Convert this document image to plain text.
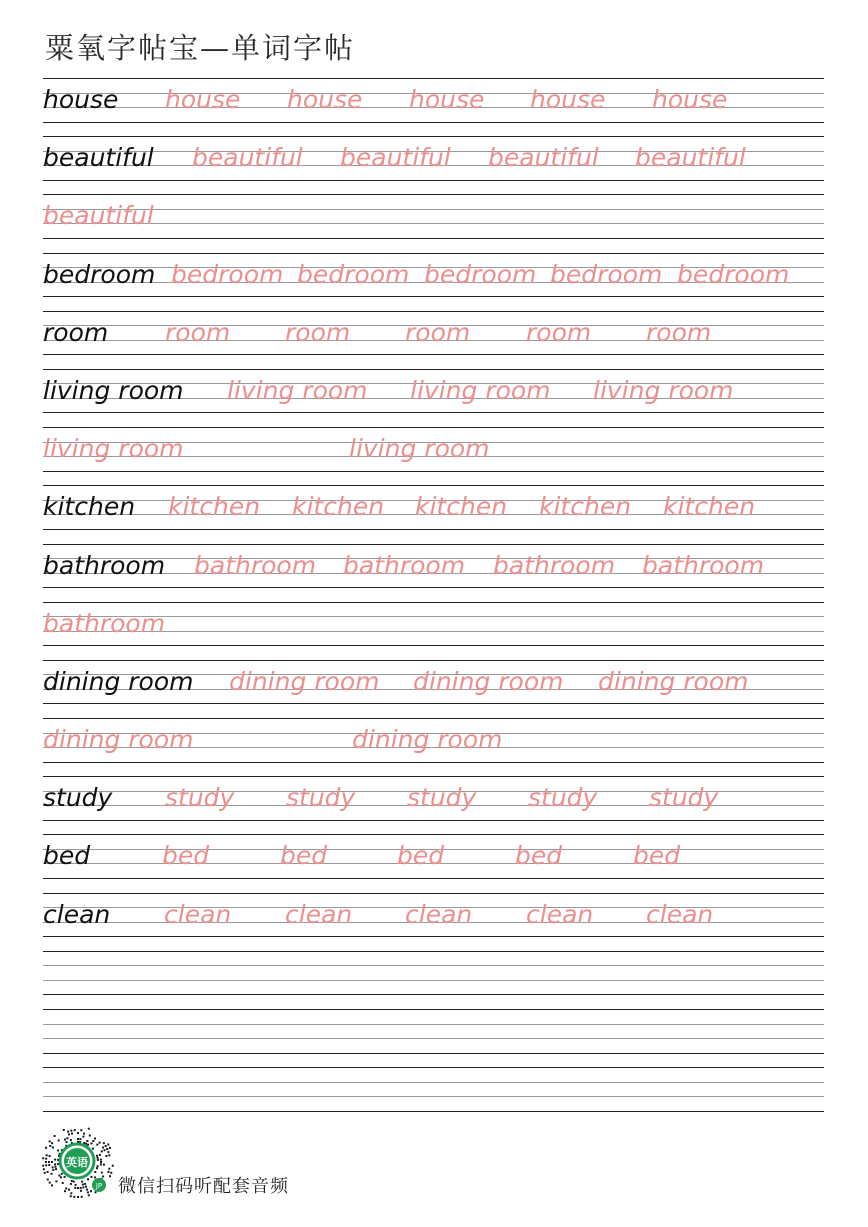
粟氧字帖宝—单词字帖
house house house house house house
beautiful beautiful beautiful beautiful beautiful
beautiful
bedroom bedroom bedroom bedroom bedroom bedroom
room room room room room room
living room living room living room living room
living room	living room
kitchen kitchen kitchen kitchen kitchen kitchen
bathroom bathroom bathroom bathroom bathroom
bathroom
dining room dining room dining room dining room
dining room	dining room
study study study study study study
bed	bed	bed	bed	bed	bed
clean clean clean clean clean clean
英语
JP 微信扫码听配套音频
